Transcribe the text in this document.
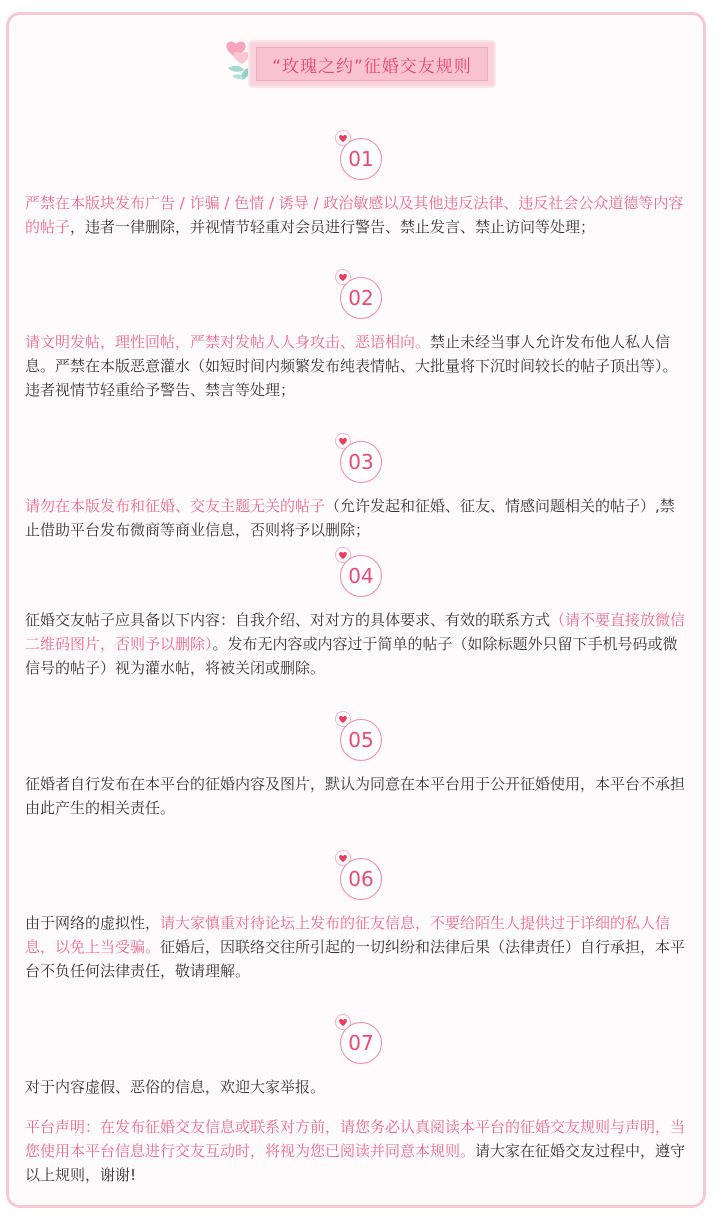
“玫瑰之约”征婚交友规则
01
02
03
04
05
06
07

严禁在本版块发布广告 / 诈骗 / 色情 / 诱导 / 政治敏感以及其他违反法律、违反社会公众道德等内容的帖子，违者一律删除，并视情节轻重对会员进行警告、禁止发言、禁止访问等处理；

请文明发帖，理性回帖，严禁对发帖人人身攻击、恶语相向。禁止未经当事人允许发布他人私人信息。严禁在本版恶意灌水（如短时间内频繁发布纯表情帖、大批量将下沉时间较长的帖子顶出等）。违者视情节轻重给予警告、禁言等处理；

请勿在本版发布和征婚、交友主题无关的帖子（允许发起和征婚、征友、情感问题相关的帖子）,禁止借助平台发布微商等商业信息，否则将予以删除；

征婚交友帖子应具备以下内容：自我介绍、对对方的具体要求、有效的联系方式（请不要直接放微信二维码图片，否则予以删除）。发布无内容或内容过于简单的帖子（如除标题外只留下手机号码或微信号的帖子）视为灌水帖，将被关闭或删除。

征婚者自行发布在本平台的征婚内容及图片，默认为同意在本平台用于公开征婚使用，本平台不承担由此产生的相关责任。

由于网络的虚拟性，请大家慎重对待论坛上发布的征友信息，不要给陌生人提供过于详细的私人信息，以免上当受骗。征婚后，因联络交往所引起的一切纠纷和法律后果（法律责任）自行承担，本平台不负任何法律责任，敬请理解。

对于内容虚假、恶俗的信息，欢迎大家举报。

平台声明：在发布征婚交友信息或联系对方前，请您务必认真阅读本平台的征婚交友规则与声明，当您使用本平台信息进行交友互动时，将视为您已阅读并同意本规则。请大家在征婚交友过程中，遵守以上规则，谢谢!
